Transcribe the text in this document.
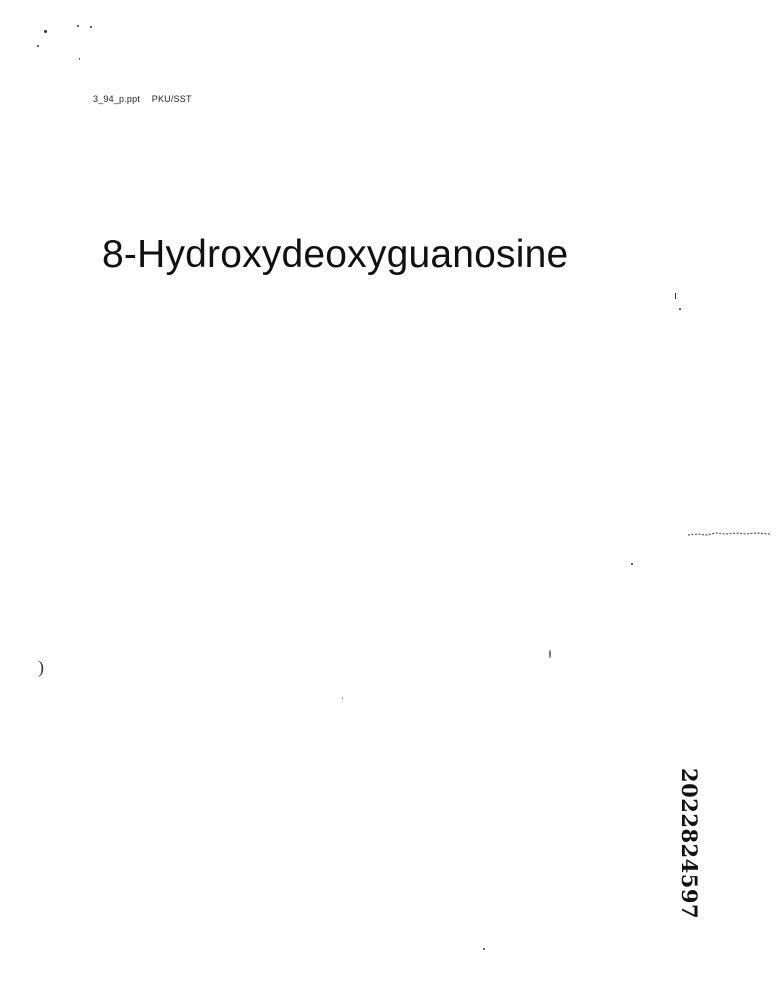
3_94_p.ppt PKU/SST
8-Hydroxydeoxyguanosine
2022824597
)
